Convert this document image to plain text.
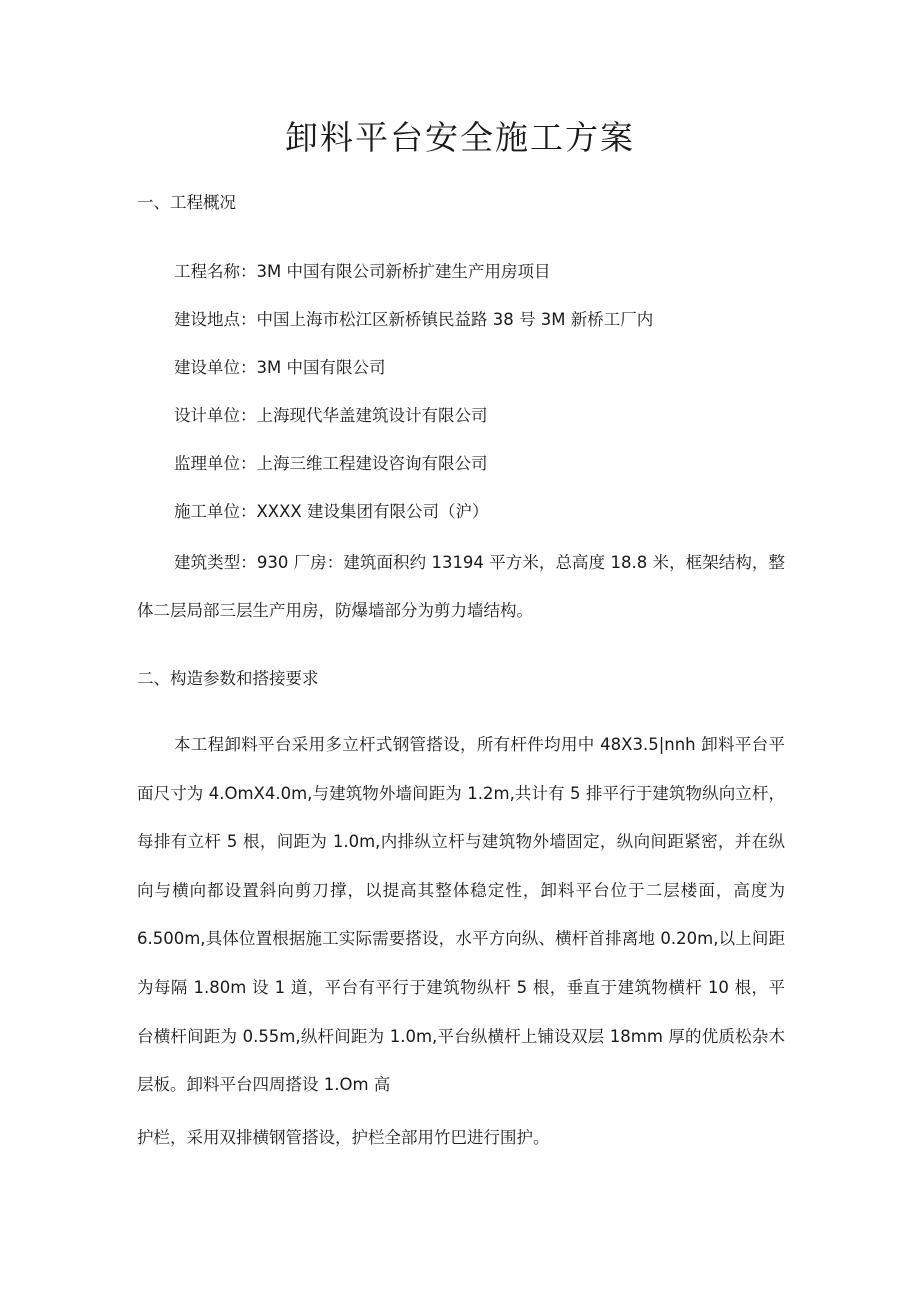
卸料平台安全施工方案
一、工程概况
工程名称：3M 中国有限公司新桥扩建生产用房项目
建设地点：中国上海市松江区新桥镇民益路 38 号 3M 新桥工厂内
建设单位：3M 中国有限公司
设计单位：上海现代华盖建筑设计有限公司
监理单位：上海三维工程建设咨询有限公司
施工单位：XXXX 建设集团有限公司（沪）

建筑类型：930 厂房：建筑面积约 13194 平方米，总高度 18.8 米，框架结构，整体二层局部三层生产用房，防爆墙部分为剪力墙结构。

二、构造参数和搭接要求

本工程卸料平台采用多立杆式钢管搭设，所有杆件均用中 48X3.5|nnh 卸料平台平面尺寸为 4.OmX4.0m,与建筑物外墙间距为 1.2m,共计有 5 排平行于建筑物纵向立杆，每排有立杆 5 根，间距为 1.0m,内排纵立杆与建筑物外墙固定，纵向间距紧密，并在纵向与横向都设置斜向剪刀撑，以提高其整体稳定性，卸料平台位于二层楼面，高度为 6.500m,具体位置根据施工实际需要搭设，水平方向纵、横杆首排离地 0.20m,以上间距为每隔 1.80m 设 1 道，平台有平行于建筑物纵杆 5 根，垂直于建筑物横杆 10 根，平台横杆间距为 0.55m,纵杆间距为 1.0m,平台纵横杆上铺设双层 18mm 厚的优质松杂木层板。卸料平台四周搭设 1.Om 高

护栏，采用双排横钢管搭设，护栏全部用竹巴进行围护。
